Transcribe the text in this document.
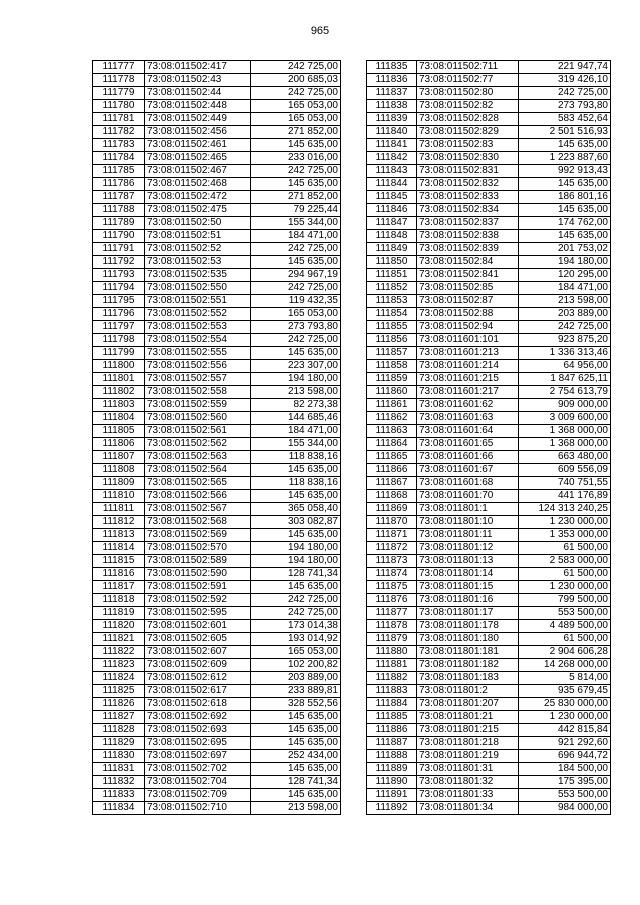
965
111777	73:08:011502:417	242 725,00
111778	73:08:011502:43	200 685,03
111779	73:08:011502:44	242 725,00
111780	73:08:011502:448	165 053,00
111781	73:08:011502:449	165 053,00
111782	73:08:011502:456	271 852,00
111783	73:08:011502:461	145 635,00
111784	73:08:011502:465	233 016,00
111785	73:08:011502:467	242 725,00
111786	73:08:011502:468	145 635,00
111787	73:08:011502:472	271 852,00
111788	73:08:011502:475	79 225,44
111789	73:08:011502:50	155 344,00
111790	73:08:011502:51	184 471,00
111791	73:08:011502:52	242 725,00
111792	73:08:011502:53	145 635,00
111793	73:08:011502:535	294 967,19
111794	73:08:011502:550	242 725,00
111795	73:08:011502:551	119 432,35
111796	73:08:011502:552	165 053,00
111797	73:08:011502:553	273 793,80
111798	73:08:011502:554	242 725,00
111799	73:08:011502:555	145 635,00
111800	73:08:011502:556	223 307,00
111801	73:08:011502:557	194 180,00
111802	73:08:011502:558	213 598,00
111803	73:08:011502:559	82 273,38
111804	73:08:011502:560	144 685,46
111805	73:08:011502:561	184 471,00
111806	73:08:011502:562	155 344,00
111807	73:08:011502:563	118 838,16
111808	73:08:011502:564	145 635,00
111809	73:08:011502:565	118 838,16
111810	73:08:011502:566	145 635,00
111811	73:08:011502:567	365 058,40
111812	73:08:011502:568	303 082,87
111813	73:08:011502:569	145 635,00
111814	73:08:011502:570	194 180,00
111815	73:08:011502:589	194 180,00
111816	73:08:011502:590	128 741,34
111817	73:08:011502:591	145 635,00
111818	73:08:011502:592	242 725,00
111819	73:08:011502:595	242 725,00
111820	73:08:011502:601	173 014,38
111821	73:08:011502:605	193 014,92
111822	73:08:011502:607	165 053,00
111823	73:08:011502:609	102 200,82
111824	73:08:011502:612	203 889,00
111825	73:08:011502:617	233 889,81
111826	73:08:011502:618	328 552,56
111827	73:08:011502:692	145 635,00
111828	73:08:011502:693	145 635,00
111829	73:08:011502:695	145 635,00
111830	73:08:011502:697	252 434,00
111831	73:08:011502:702	145 635,00
111832	73:08:011502:704	128 741,34
111833	73:08:011502:709	145 635,00
111834	73:08:011502:710	213 598,00
111835	73:08:011502:711	221 947,74
111836	73:08:011502:77	319 426,10
111837	73:08:011502:80	242 725,00
111838	73:08:011502:82	273 793,80
111839	73:08:011502:828	583 452,64
111840	73:08:011502:829	2 501 516,93
111841	73:08:011502:83	145 635,00
111842	73:08:011502:830	1 223 887,60
111843	73:08:011502:831	992 913,43
111844	73:08:011502:832	145 635,00
111845	73:08:011502:833	186 801,16
111846	73:08:011502:834	145 635,00
111847	73:08:011502:837	174 762,00
111848	73:08:011502:838	145 635,00
111849	73:08:011502:839	201 753,02
111850	73:08:011502:84	194 180,00
111851	73:08:011502:841	120 295,00
111852	73:08:011502:85	184 471,00
111853	73:08:011502:87	213 598,00
111854	73:08:011502:88	203 889,00
111855	73:08:011502:94	242 725,00
111856	73:08:011601:101	923 875,20
111857	73:08:011601:213	1 336 313,46
111858	73:08:011601:214	64 956,00
111859	73:08:011601:215	1 847 625,11
111860	73:08:011601:217	2 754 613,79
111861	73:08:011601:62	909 000,00
111862	73:08:011601:63	3 009 600,00
111863	73:08:011601:64	1 368 000,00
111864	73:08:011601:65	1 368 000,00
111865	73:08:011601:66	663 480,00
111866	73:08:011601:67	609 556,09
111867	73:08:011601:68	740 751,55
111868	73:08:011601:70	441 176,89
111869	73:08:011801:1	124 313 240,25
111870	73:08:011801:10	1 230 000,00
111871	73:08:011801:11	1 353 000,00
111872	73:08:011801:12	61 500,00
111873	73:08:011801:13	2 583 000,00
111874	73:08:011801:14	61 500,00
111875	73:08:011801:15	1 230 000,00
111876	73:08:011801:16	799 500,00
111877	73:08:011801:17	553 500,00
111878	73:08:011801:178	4 489 500,00
111879	73:08:011801:180	61 500,00
111880	73:08:011801:181	2 904 606,28
111881	73:08:011801:182	14 268 000,00
111882	73:08:011801:183	5 814,00
111883	73:08:011801:2	935 679,45
111884	73:08:011801:207	25 830 000,00
111885	73:08:011801:21	1 230 000,00
111886	73:08:011801:215	442 815,84
111887	73:08:011801:218	921 292,60
111888	73:08:011801:219	696 944,72
111889	73:08:011801:31	184 500,00
111890	73:08:011801:32	175 395,00
111891	73:08:011801:33	553 500,00
111892	73:08:011801:34	984 000,00
